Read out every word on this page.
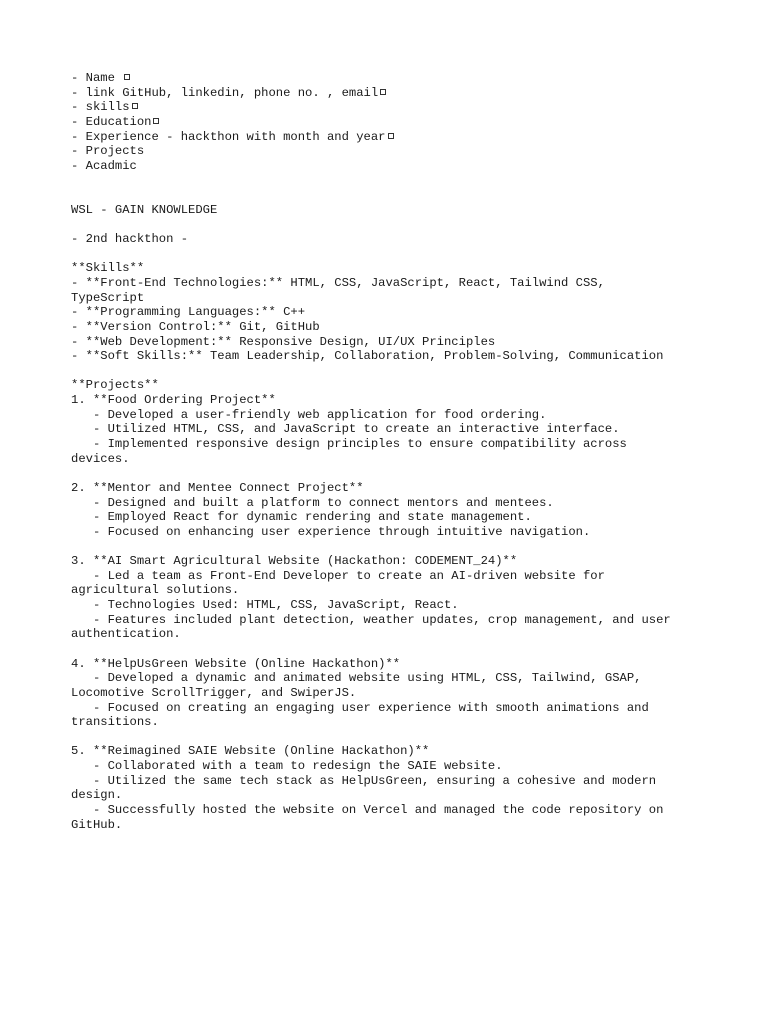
- Name
- link GitHub, linkedin, phone no. , email
- skills
- Education
- Experience - hackthon with month and year
- Projects
- Acadmic
WSL - GAIN KNOWLEDGE
- 2nd hackthon -
**Skills**
- **Front-End Technologies:** HTML, CSS, JavaScript, React, Tailwind CSS,
TypeScript
- **Programming Languages:** C++
- **Version Control:** Git, GitHub
- **Web Development:** Responsive Design, UI/UX Principles
- **Soft Skills:** Team Leadership, Collaboration, Problem-Solving, Communication
**Projects**
1. **Food Ordering Project**
- Developed a user-friendly web application for food ordering.
- Utilized HTML, CSS, and JavaScript to create an interactive interface.
- Implemented responsive design principles to ensure compatibility across
devices.
2. **Mentor and Mentee Connect Project**
- Designed and built a platform to connect mentors and mentees.
- Employed React for dynamic rendering and state management.
- Focused on enhancing user experience through intuitive navigation.
3. **AI Smart Agricultural Website (Hackathon: CODEMENT_24)**
- Led a team as Front-End Developer to create an AI-driven website for
agricultural solutions.
- Technologies Used: HTML, CSS, JavaScript, React.
- Features included plant detection, weather updates, crop management, and user
authentication.
4. **HelpUsGreen Website (Online Hackathon)**
- Developed a dynamic and animated website using HTML, CSS, Tailwind, GSAP,
Locomotive ScrollTrigger, and SwiperJS.
- Focused on creating an engaging user experience with smooth animations and
transitions.
5. **Reimagined SAIE Website (Online Hackathon)**
- Collaborated with a team to redesign the SAIE website.
- Utilized the same tech stack as HelpUsGreen, ensuring a cohesive and modern
design.
- Successfully hosted the website on Vercel and managed the code repository on
GitHub.
